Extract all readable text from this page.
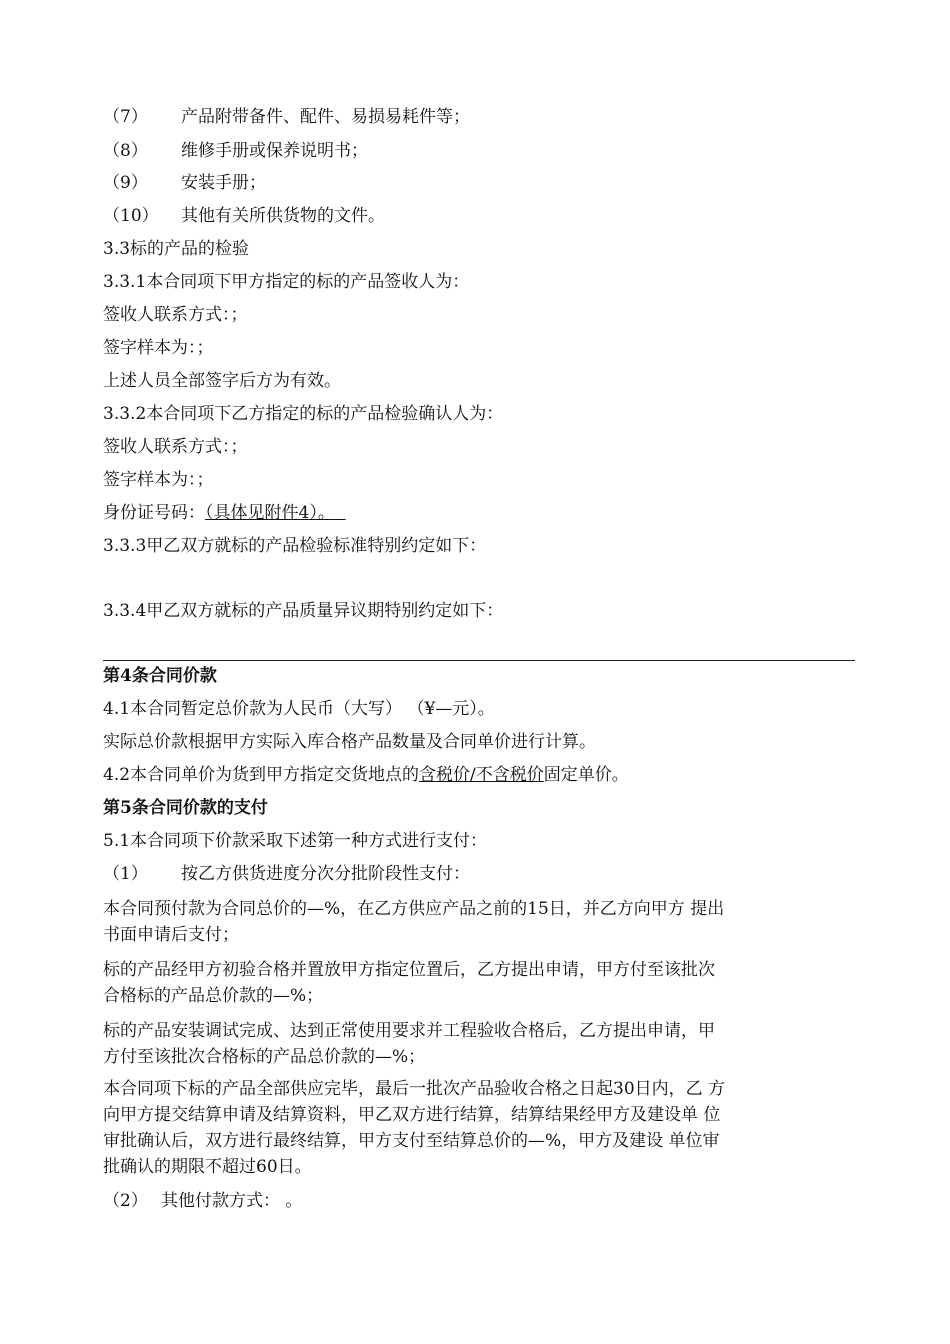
（7） 产品附带备件、配件、易损易耗件等；
（8） 维修手册或保养说明书；
（9） 安装手册；
（10） 其他有关所供货物的文件。
3.3标的产品的检验
3.3.1本合同项下甲方指定的标的产品签收人为：
签收人联系方式：；
签字样本为：；
上述人员全部签字后方为有效。
3.3.2本合同项下乙方指定的标的产品检验确认人为：
签收人联系方式：；
签字样本为：；
身份证号码：（具体见附件4）。
3.3.3甲乙双方就标的产品检验标准特别约定如下：
3.3.4甲乙双方就标的产品质量异议期特别约定如下：
第4条合同价款
4.1本合同暂定总价款为人民币（大写） （¥—元）。
实际总价款根据甲方实际入库合格产品数量及合同单价进行计算。
4.2本合同单价为货到甲方指定交货地点的含税价/不含税价固定单价。
第5条合同价款的支付
5.1本合同项下价款采取下述第一种方式进行支付：
（1） 按乙方供货进度分次分批阶段性支付：
本合同预付款为合同总价的—%，在乙方供应产品之前的15日，并乙方向甲方 提出
书面申请后支付；
标的产品经甲方初验合格并置放甲方指定位置后，乙方提出申请，甲方付至该批次
合格标的产品总价款的—%；
标的产品安装调试完成、达到正常使用要求并工程验收合格后，乙方提出申请，甲
方付至该批次合格标的产品总价款的—%；
本合同项下标的产品全部供应完毕，最后一批次产品验收合格之日起30日内，乙 方
向甲方提交结算申请及结算资料，甲乙双方进行结算，结算结果经甲方及建设单 位
审批确认后，双方进行最终结算，甲方支付至结算总价的—%，甲方及建设 单位审
批确认的期限不超过60日。
（2） 其他付款方式： 。
